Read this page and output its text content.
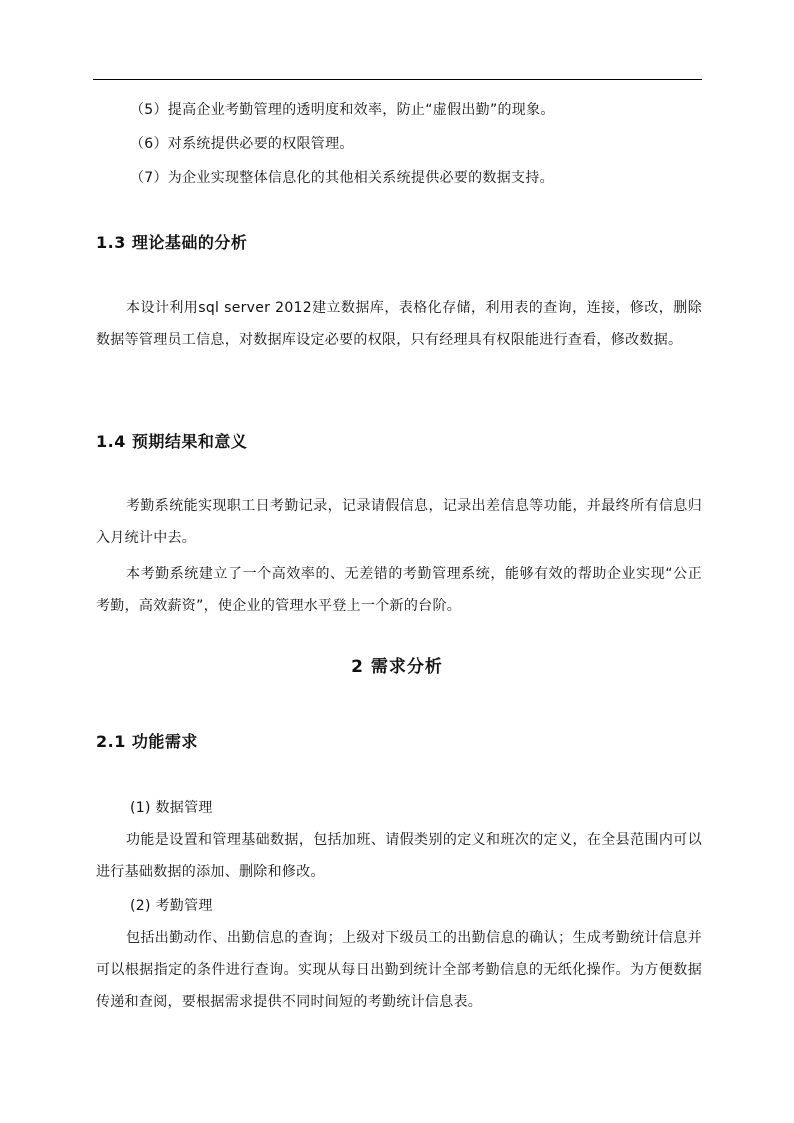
（5）提高企业考勤管理的透明度和效率，防止“虚假出勤”的现象。
（6）对系统提供必要的权限管理。
（7）为企业实现整体信息化的其他相关系统提供必要的数据支持。
1.3 理论基础的分析
本设计利用sql server 2012建立数据库，表格化存储，利用表的查询，连接，修改，删除数据等管理员工信息，对数据库设定必要的权限，只有经理具有权限能进行查看，修改数据。
1.4 预期结果和意义
考勤系统能实现职工日考勤记录，记录请假信息，记录出差信息等功能，并最终所有信息归入月统计中去。
本考勤系统建立了一个高效率的、无差错的考勤管理系统，能够有效的帮助企业实现“公正考勤，高效薪资”，使企业的管理水平登上一个新的台阶。
2 需求分析
2.1 功能需求
(1) 数据管理
功能是设置和管理基础数据，包括加班、请假类别的定义和班次的定义，在全县范围内可以进行基础数据的添加、删除和修改。
(2) 考勤管理
包括出勤动作、出勤信息的查询；上级对下级员工的出勤信息的确认；生成考勤统计信息并可以根据指定的条件进行查询。实现从每日出勤到统计全部考勤信息的无纸化操作。为方便数据传递和查阅，要根据需求提供不同时间短的考勤统计信息表。
